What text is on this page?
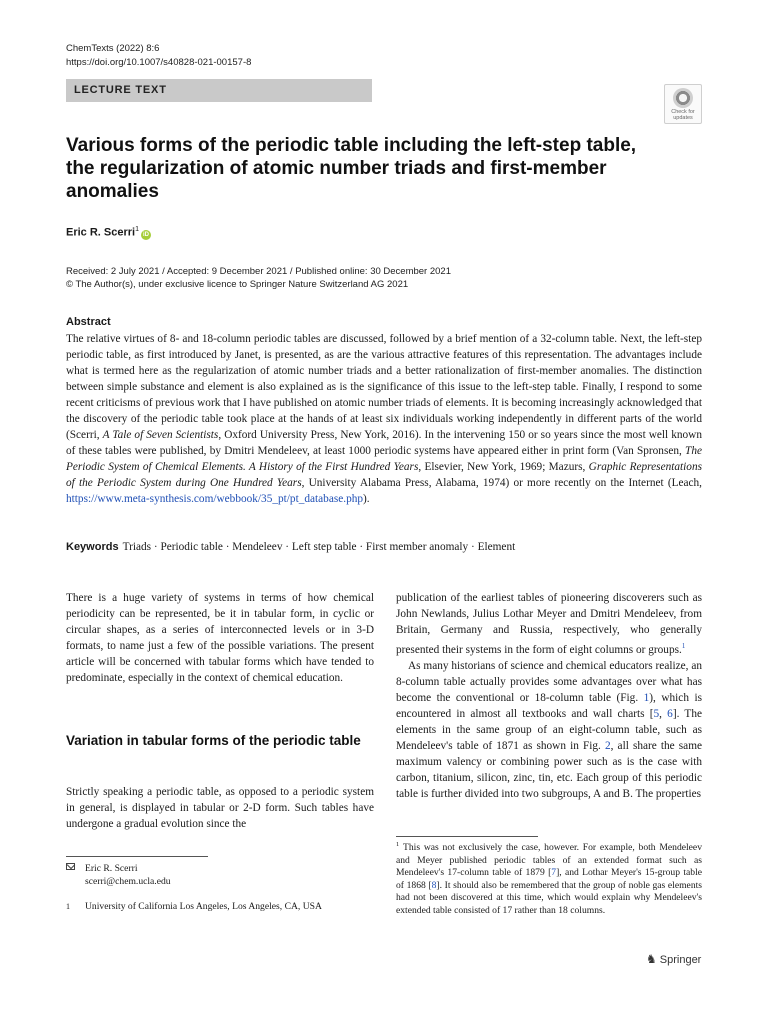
ChemTexts (2022) 8:6
https://doi.org/10.1007/s40828-021-00157-8
LECTURE TEXT
Check for updates
Various forms of the periodic table including the left-step table, the regularization of atomic number triads and first-member anomalies
Eric R. Scerri$^1$iD
Received: 2 July 2021 / Accepted: 9 December 2021 / Published online: 30 December 2021
© The Author(s), under exclusive licence to Springer Nature Switzerland AG 2021
Abstract
The relative virtues of 8- and 18-column periodic tables are discussed, followed by a brief mention of a 32-column table. Next, the left-step periodic table, as first introduced by Janet, is presented, as are the various attractive features of this representation. The advantages include what is termed here as the regularization of atomic number triads and a better rationalization of first-member anomalies. The distinction between simple substance and element is also explained as is the significance of this issue to the left-step table. Finally, I respond to some recent criticisms of previous work that I have published on atomic number triads of elements. It is becoming increasingly acknowledged that the discovery of the periodic table took place at the hands of at least six individuals working independently in different parts of the world (Scerri, A Tale of Seven Scientists, Oxford University Press, New York, 2016). In the intervening 150 or so years since the most well known of these tables were published, by Dmitri Mendeleev, at least 1000 periodic systems have appeared either in print form (Van Spronsen, The Periodic System of Chemical Elements. A History of the First Hundred Years, Elsevier, New York, 1969; Mazurs, Graphic Representations of the Periodic System during One Hundred Years, University Alabama Press, Alabama, 1974) or more recently on the Internet (Leach, https://www.meta-synthesis.com/webbook/35_pt/pt_database.php).
Keywords Triads · Periodic table · Mendeleev · Left step table · First member anomaly · Element

There is a huge variety of systems in terms of how chemical periodicity can be represented, be it in tabular form, in cyclic or circular shapes, as a series of interconnected levels or in 3-D formats, to name just a few of the possible variations. The present article will be concerned with tabular forms which have tended to predominate, especially in the context of chemical education.

Variation in tabular forms of the periodic table

Strictly speaking a periodic table, as opposed to a periodic system in general, is displayed in tabular or 2-D form. Such tables have undergone a gradual evolution since the

Eric R. Scerri
scerri@chem.ucla.edu
1	University of California Los Angeles, Los Angeles, CA, USA

publication of the earliest tables of pioneering discoverers such as John Newlands, Julius Lothar Meyer and Dmitri Mendeleev, from Britain, Germany and Russia, respectively, who generally presented their systems in the form of eight columns or groups.$^1$

As many historians of science and chemical educators realize, an 8-column table actually provides some advantages over what has become the conventional or 18-column table (Fig. 1), which is encountered in almost all textbooks and wall charts [5, 6]. The elements in the same group of an eight-column table, such as Mendeleev's table of 1871 as shown in Fig. 2, all share the same maximum valency or combining power such as is the case with carbon, titanium, silicon, zinc, tin, etc. Each group of this periodic table is further divided into two subgroups, A and B. The properties

$^1$ This was not exclusively the case, however. For example, both Mendeleev and Meyer published periodic tables of an extended format such as Mendeleev's 17-column table of 1879 [7], and Lothar Meyer's 15-group table of 1868 [8]. It should also be remembered that the group of noble gas elements had not been discovered at this time, which would explain why Mendeleev's extended table consisted of 17 rather than 18 columns.
♞ Springer
